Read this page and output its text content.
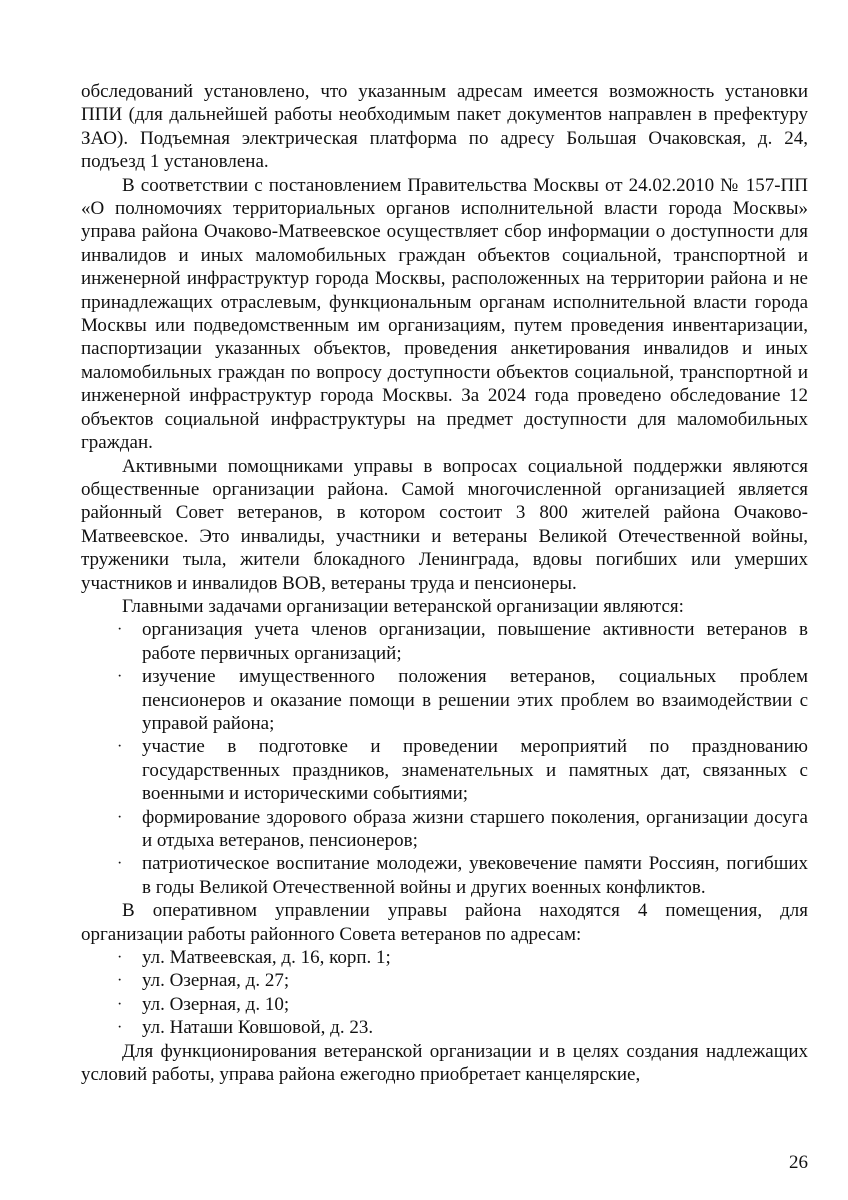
обследований установлено, что указанным адресам имеется возможность установки ППИ (для дальнейшей работы необходимым пакет документов направлен в префектуру ЗАО). Подъемная электрическая платформа по адресу Большая Очаковская, д. 24, подъезд 1 установлена.

В соответствии с постановлением Правительства Москвы от 24.02.2010 № 157-ПП «О полномочиях территориальных органов исполнительной власти города Москвы» управа района Очаково-Матвеевское осуществляет сбор информации о доступности для инвалидов и иных маломобильных граждан объектов социальной, транспортной и инженерной инфраструктур города Москвы, расположенных на территории района и не принадлежащих отраслевым, функциональным органам исполнительной власти города Москвы или подведомственным им организациям, путем проведения инвентаризации, паспортизации указанных объектов, проведения анкетирования инвалидов и иных маломобильных граждан по вопросу доступности объектов социальной, транспортной и инженерной инфраструктур города Москвы. За 2024 года проведено обследование 12 объектов социальной инфраструктуры на предмет доступности для маломобильных граждан.

Активными помощниками управы в вопросах социальной поддержки являются общественные организации района. Самой многочисленной организацией является районный Совет ветеранов, в котором состоит 3 800 жителей района Очаково-Матвеевское. Это инвалиды, участники и ветераны Великой Отечественной войны, труженики тыла, жители блокадного Ленинграда, вдовы погибших или умерших участников и инвалидов ВОВ, ветераны труда и пенсионеры.

Главными задачами организации ветеранской организации являются:

· организация учета членов организации, повышение активности ветеранов в работе первичных организаций;
· изучение имущественного положения ветеранов, социальных проблем пенсионеров и оказание помощи в решении этих проблем во взаимодействии с управой района;
· участие в подготовке и проведении мероприятий по празднованию государственных праздников, знаменательных и памятных дат, связанных с военными и историческими событиями;
· формирование здорового образа жизни старшего поколения, организации досуга и отдыха ветеранов, пенсионеров;
· патриотическое воспитание молодежи, увековечение памяти Россиян, погибших в годы Великой Отечественной войны и других военных конфликтов.

В оперативном управлении управы района находятся 4 помещения, для организации работы районного Совета ветеранов по адресам:

· ул. Матвеевская, д. 16, корп. 1;
· ул. Озерная, д. 27;
· ул. Озерная, д. 10;
· ул. Наташи Ковшовой, д. 23.

Для функционирования ветеранской организации и в целях создания надлежащих условий работы, управа района ежегодно приобретает канцелярские,

26
